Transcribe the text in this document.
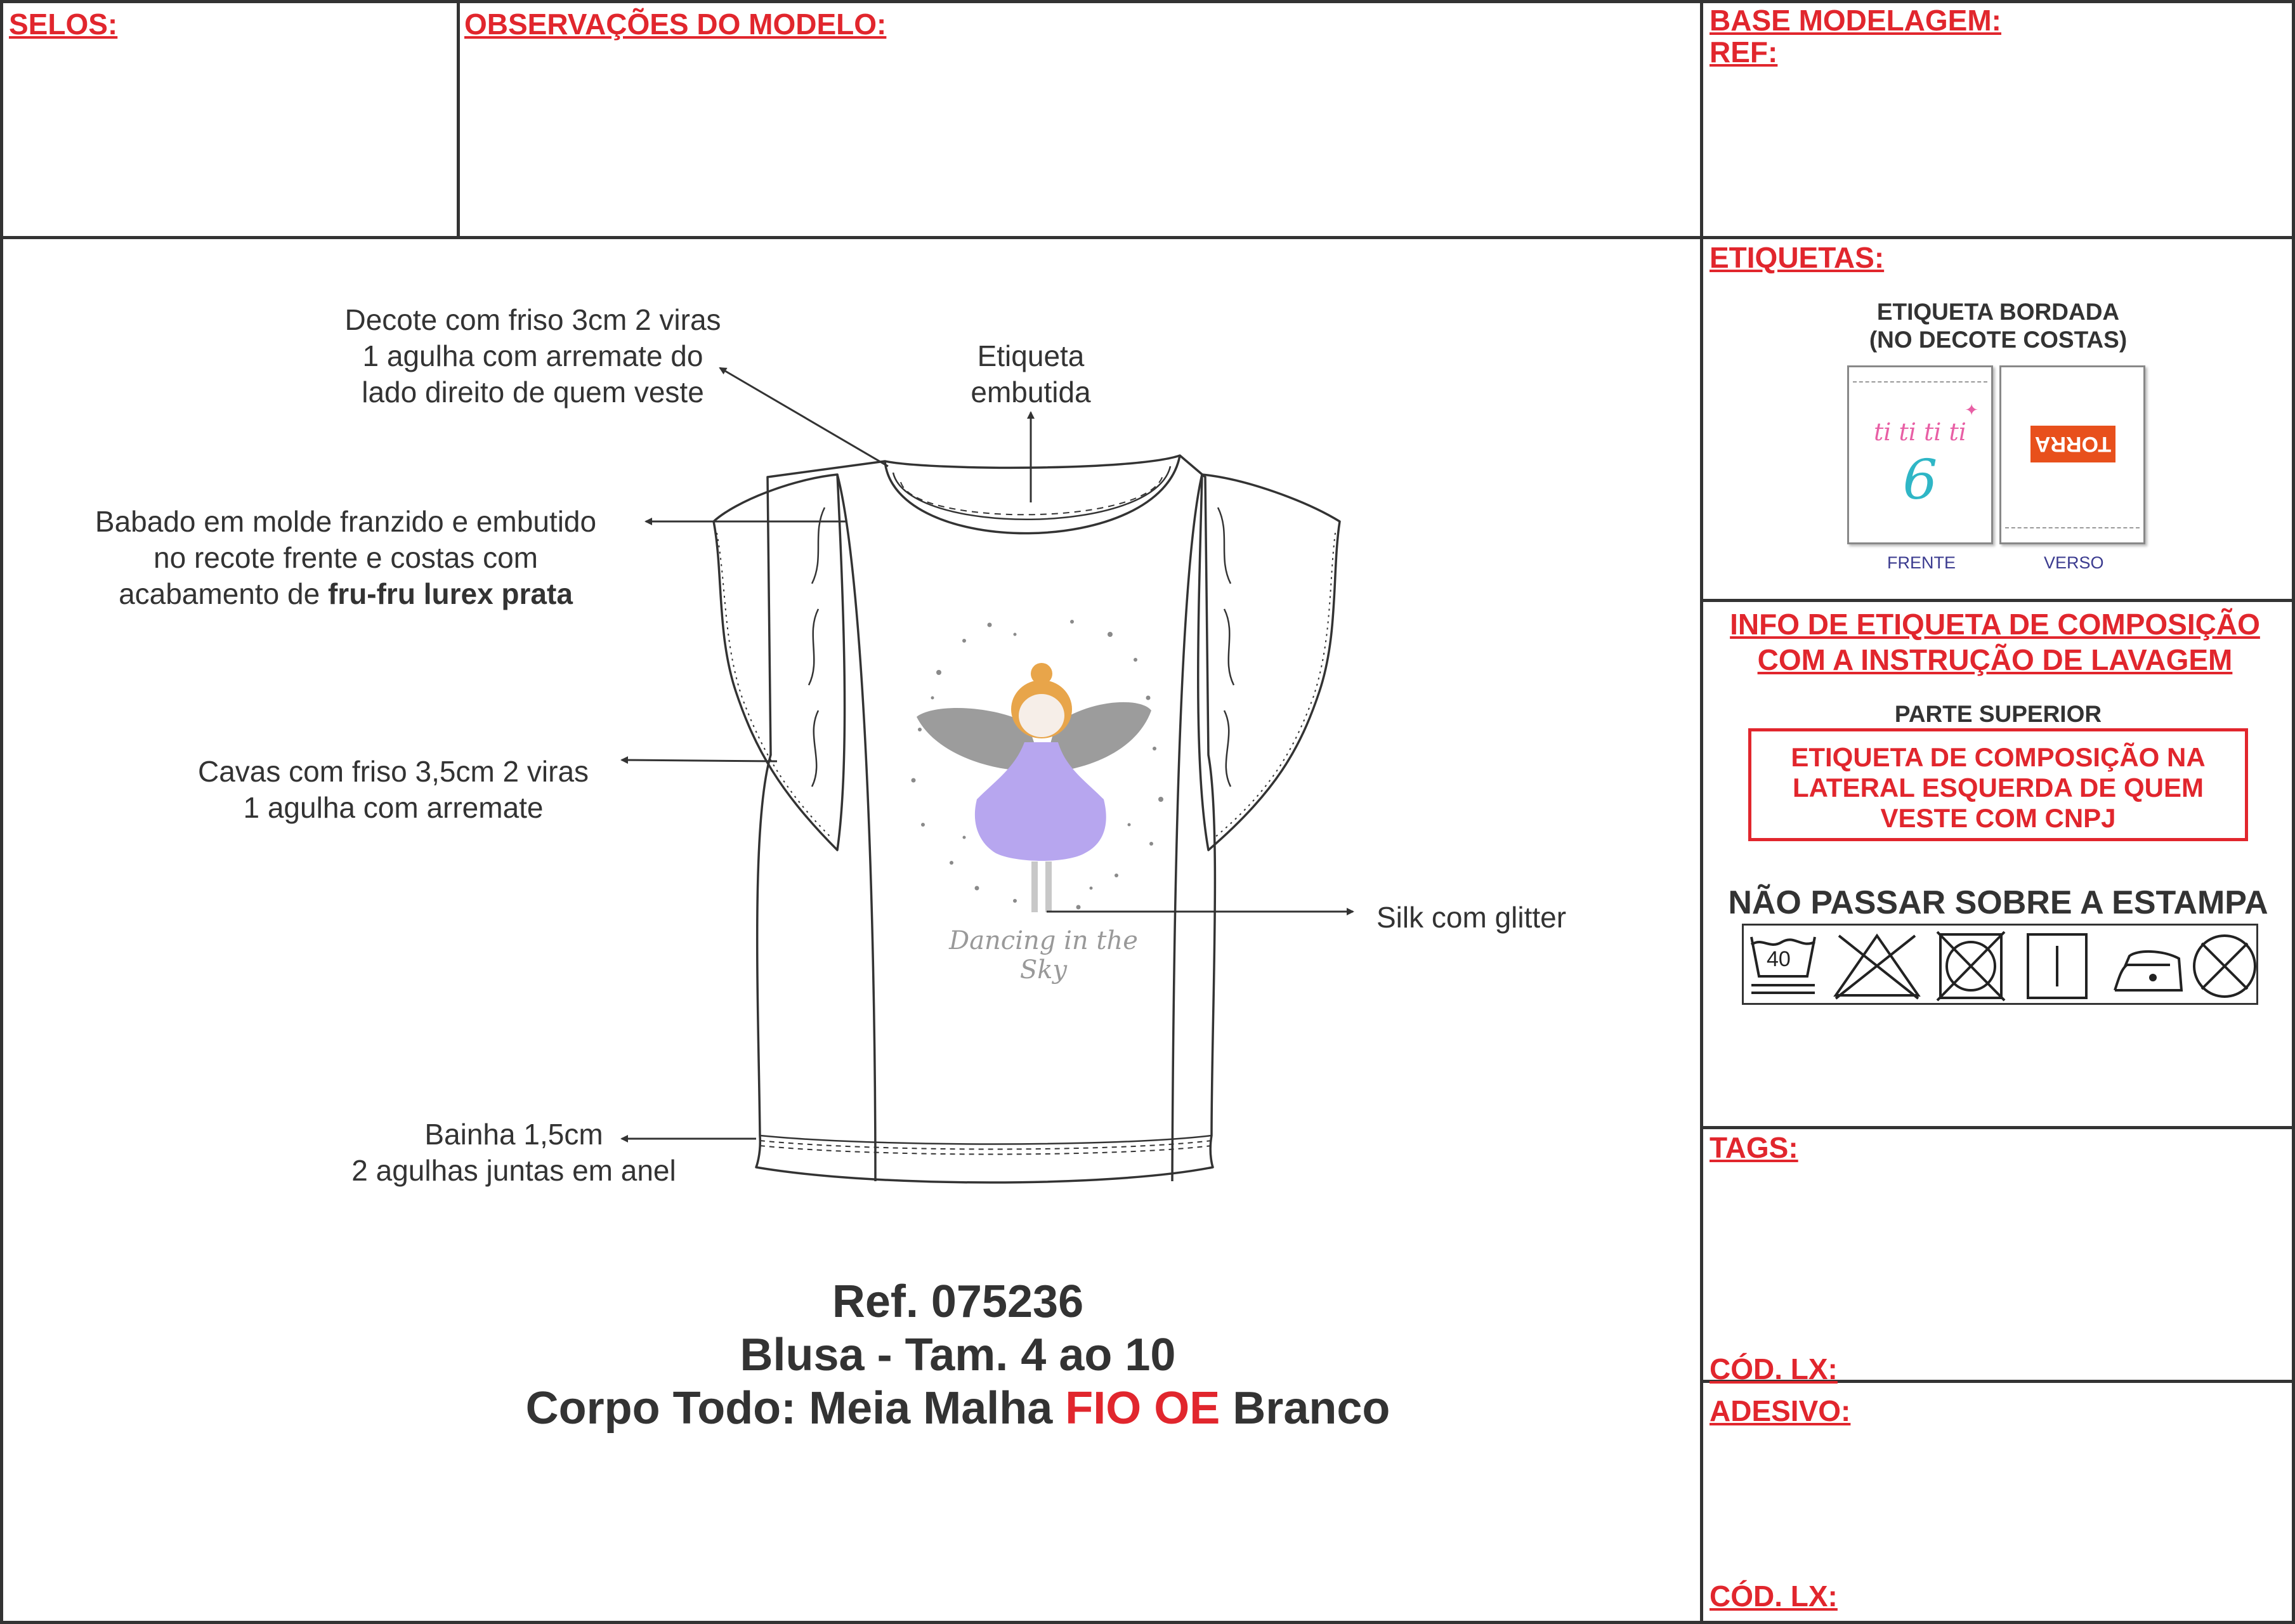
SELOS:	OBSERVAÇÕES DO MODELO:	BASE MODELAGEM:
REF:
ETIQUETAS:
INFO DE ETIQUETA DE COMPOSIÇÃO
COM A INSTRUÇÃO DE LAVAGEM
TAGS:
CÓD. LX:
ADESIVO:
CÓD. LX:
Dancing in the Sky
Decote com friso 3cm 2 viras
1 agulha com arremate do
lado direito de quem veste
Etiqueta
embutida
Babado em molde franzido e embutido
no recote frente e costas com
acabamento de fru-fru lurex prata
Cavas com friso 3,5cm 2 viras
1 agulha com arremate
Silk com glitter
Bainha 1,5cm
2 agulhas juntas em anel
Ref. 075236
Blusa - Tam. 4 ao 10
Corpo Todo: Meia Malha FIO OE Branco
ETIQUETA BORDADA
(NO DECOTE COSTAS)
ti ti ti ti
6
✦
TORRA
FRENTE	VERSO
PARTE SUPERIOR
ETIQUETA DE COMPOSIÇÃO NA
LATERAL ESQUERDA DE QUEM
VESTE COM CNPJ
NÃO PASSAR SOBRE A ESTAMPA
40
